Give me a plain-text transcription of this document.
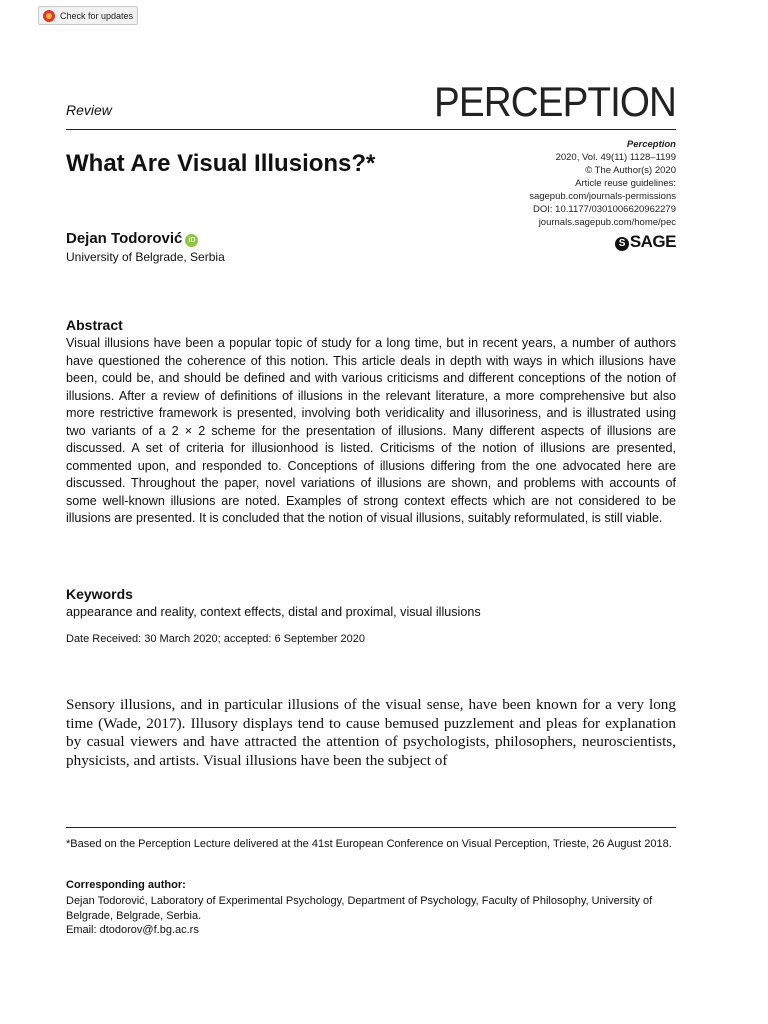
Check for updates
Review	PERCEPTION
What Are Visual Illusions?*
Perception
2020, Vol. 49(11) 1128–1199
© The Author(s) 2020
Article reuse guidelines:
sagepub.com/journals-permissions
DOI: 10.1177/0301006620962279
journals.sagepub.com/home/pec
S SAGE
Dejan Todorović iD
University of Belgrade, Serbia
Abstract

Visual illusions have been a popular topic of study for a long time, but in recent years, a number of authors have questioned the coherence of this notion. This article deals in depth with ways in which illusions have been, could be, and should be defined and with various criticisms and different conceptions of the notion of illusions. After a review of definitions of illusions in the relevant literature, a more comprehensive but also more restrictive framework is presented, involving both veridicality and illusoriness, and is illustrated using two variants of a 2 × 2 scheme for the presentation of illusions. Many different aspects of illusions are discussed. A set of criteria for illusionhood is listed. Criticisms of the notion of illusions are presented, commented upon, and responded to. Conceptions of illusions differing from the one advocated here are discussed. Throughout the paper, novel variations of illusions are shown, and problems with accounts of some well-known illusions are noted. Examples of strong context effects which are not considered to be illusions are presented. It is concluded that the notion of visual illusions, suitably reformulated, is still viable.

Keywords
appearance and reality, context effects, distal and proximal, visual illusions
Date Received: 30 March 2020; accepted: 6 September 2020

Sensory illusions, and in particular illusions of the visual sense, have been known for a very long time (Wade, 2017). Illusory displays tend to cause bemused puzzlement and pleas for explanation by casual viewers and have attracted the attention of psychologists, philosophers, neuroscientists, physicists, and artists. Visual illusions have been the subject of

*Based on the Perception Lecture delivered at the 41st European Conference on Visual Perception, Trieste, 26 August 2018.

Corresponding author:
Dejan Todorović, Laboratory of Experimental Psychology, Department of Psychology, Faculty of Philosophy, University of Belgrade, Belgrade, Serbia.
Email: dtodorov@f.bg.ac.rs
